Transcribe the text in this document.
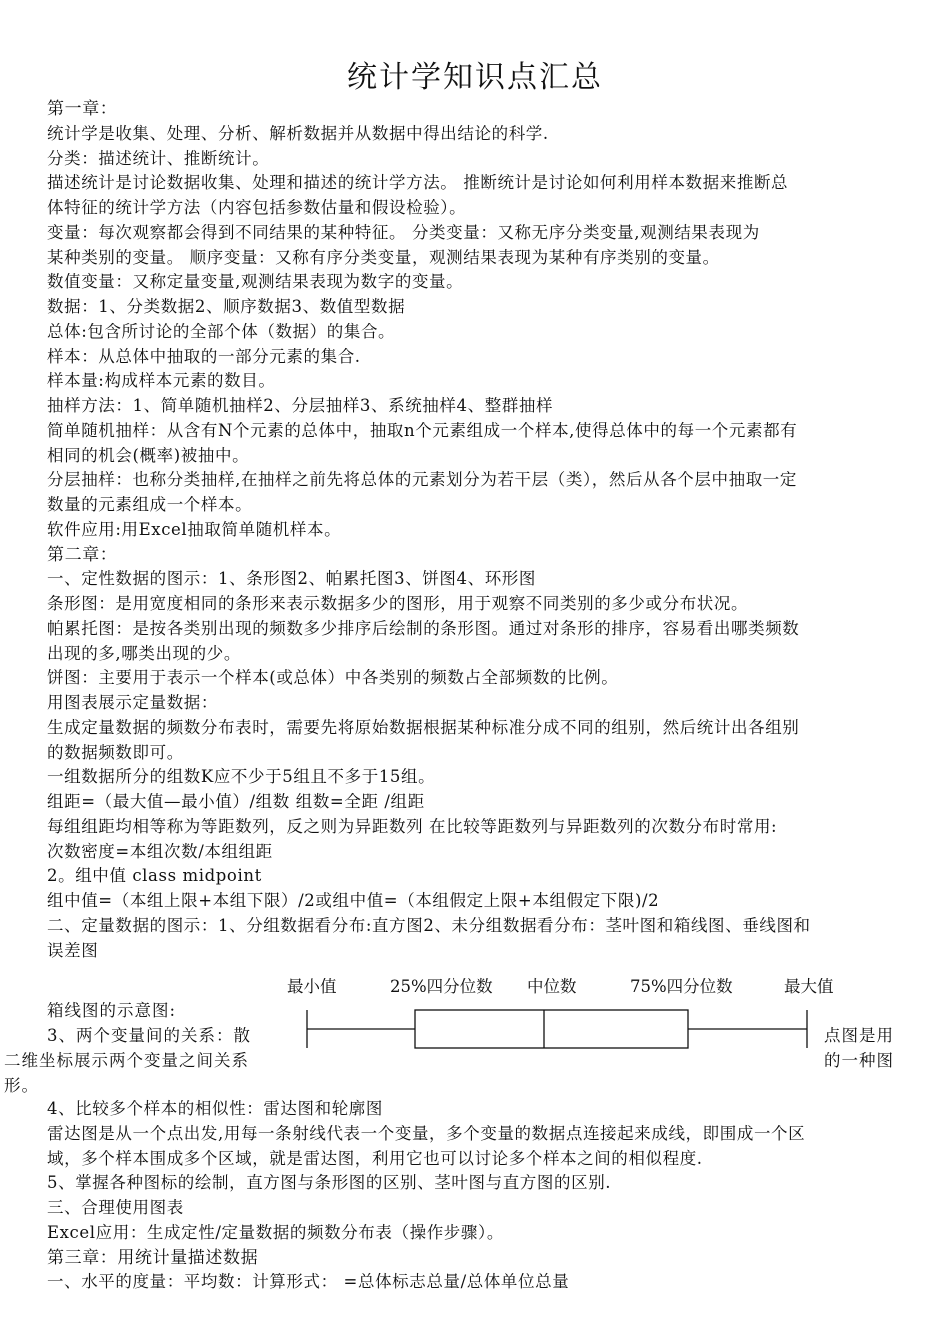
统计学知识点汇总
第一章：
统计学是收集、处理、分析、解析数据并从数据中得出结论的科学.
分类：描述统计、推断统计。
描述统计是讨论数据收集、处理和描述的统计学方法。 推断统计是讨论如何利用样本数据来推断总
体特征的统计学方法（内容包括参数估量和假设检验）。
变量：每次观察都会得到不同结果的某种特征。 分类变量：又称无序分类变量,观测结果表现为
某种类别的变量。 顺序变量：又称有序分类变量，观测结果表现为某种有序类别的变量。
数值变量：又称定量变量,观测结果表现为数字的变量。
数据：1、分类数据2、顺序数据3、数值型数据
总体:包含所讨论的全部个体（数据）的集合。
样本：从总体中抽取的一部分元素的集合.
样本量:构成样本元素的数目。
抽样方法：1、简单随机抽样2、分层抽样3、系统抽样4、整群抽样
简单随机抽样：从含有N个元素的总体中，抽取n个元素组成一个样本,使得总体中的每一个元素都有
相同的机会(概率)被抽中。
分层抽样：也称分类抽样,在抽样之前先将总体的元素划分为若干层（类），然后从各个层中抽取一定
数量的元素组成一个样本。
软件应用:用Excel抽取简单随机样本。
第二章：
一、定性数据的图示：1、条形图2、帕累托图3、饼图4、环形图
条形图：是用宽度相同的条形来表示数据多少的图形，用于观察不同类别的多少或分布状况。
帕累托图：是按各类别出现的频数多少排序后绘制的条形图。通过对条形的排序，容易看出哪类频数
出现的多,哪类出现的少。
饼图：主要用于表示一个样本(或总体）中各类别的频数占全部频数的比例。
用图表展示定量数据：
生成定量数据的频数分布表时，需要先将原始数据根据某种标准分成不同的组别，然后统计出各组别
的数据频数即可。
一组数据所分的组数K应不少于5组且不多于15组。
组距=（最大值—最小值）/组数 组数=全距 /组距
每组组距均相等称为等距数列，反之则为异距数列 在比较等距数列与异距数列的次数分布时常用:
次数密度=本组次数/本组组距
2。组中值 class midpoint
组中值=（本组上限+本组下限）/2或组中值=（本组假定上限+本组假定下限)/2
二、定量数据的图示：1、分组数据看分布:直方图2、未分组数据看分布：茎叶图和箱线图、垂线图和
误差图
最小值	25%四分位数 中位数	75%四分位数	最大值
箱线图的示意图:
3、两个变量间的关系：散
二维坐标展示两个变量之间关系
形。
点图是用
的一种图
4、比较多个样本的相似性：雷达图和轮廓图
雷达图是从一个点出发,用每一条射线代表一个变量，多个变量的数据点连接起来成线，即围成一个区
域，多个样本围成多个区域，就是雷达图，利用它也可以讨论多个样本之间的相似程度.
5、掌握各种图标的绘制，直方图与条形图的区别、茎叶图与直方图的区别.
三、合理使用图表
Excel应用：生成定性/定量数据的频数分布表（操作步骤）。
第三章：用统计量描述数据
一、水平的度量：平均数：计算形式： =总体标志总量/总体单位总量
